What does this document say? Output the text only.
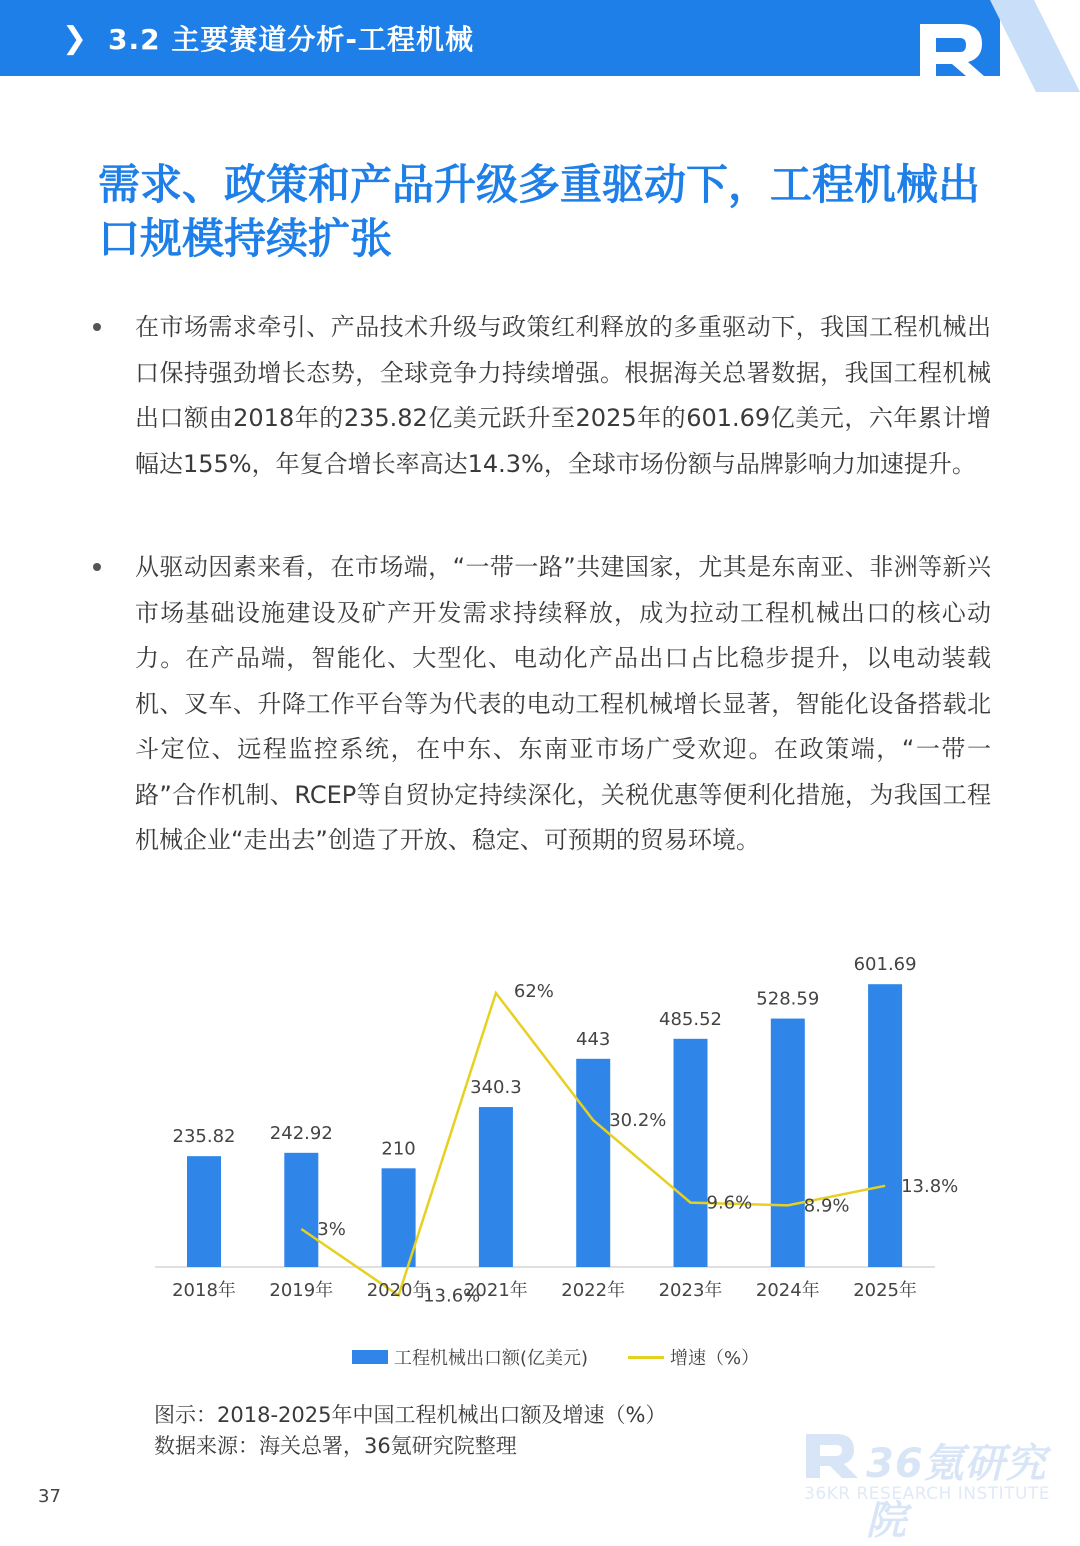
❯ 3.2 主要赛道分析-工程机械
需求、政策和产品升级多重驱动下，工程机械出口规模持续扩张

在市场需求牵引、产品技术升级与政策红利释放的多重驱动下，我国工程机械出口保持强劲增长态势，全球竞争力持续增强。根据海关总署数据，我国工程机械出口额由2018年的235.82亿美元跃升至2025年的601.69亿美元，六年累计增幅达155%，年复合增长率高达14.3%，全球市场份额与品牌影响力加速提升。

从驱动因素来看，在市场端，“一带一路”共建国家，尤其是东南亚、非洲等新兴市场基础设施建设及矿产开发需求持续释放，成为拉动工程机械出口的核心动力。在产品端，智能化、大型化、电动化产品出口占比稳步提升，以电动装载机、叉车、升降工作平台等为代表的电动工程机械增长显著，智能化设备搭载北斗定位、远程监控系统，在中东、东南亚市场广受欢迎。在政策端，“一带一路”合作机制、RCEP等自贸协定持续深化，关税优惠等便利化措施，为我国工程机械企业“走出去”创造了开放、稳定、可预期的贸易环境。

235.82 242.92
210
340.3
443
485.52
528.59
601.69
3%
-13.6%
62%
30.2%
9.6%	8.9%
13.8%
2018年 2019年 2020年 2021年 2022年 2023年 2024年 2025年
工程机械出口额(亿美元)	增速（%）
图示：2018-2025年中国工程机械出口额及增速（%）
数据来源：海关总署，36氪研究院整理
37
36氪研究院
36KR RESEARCH INSTITUTE
